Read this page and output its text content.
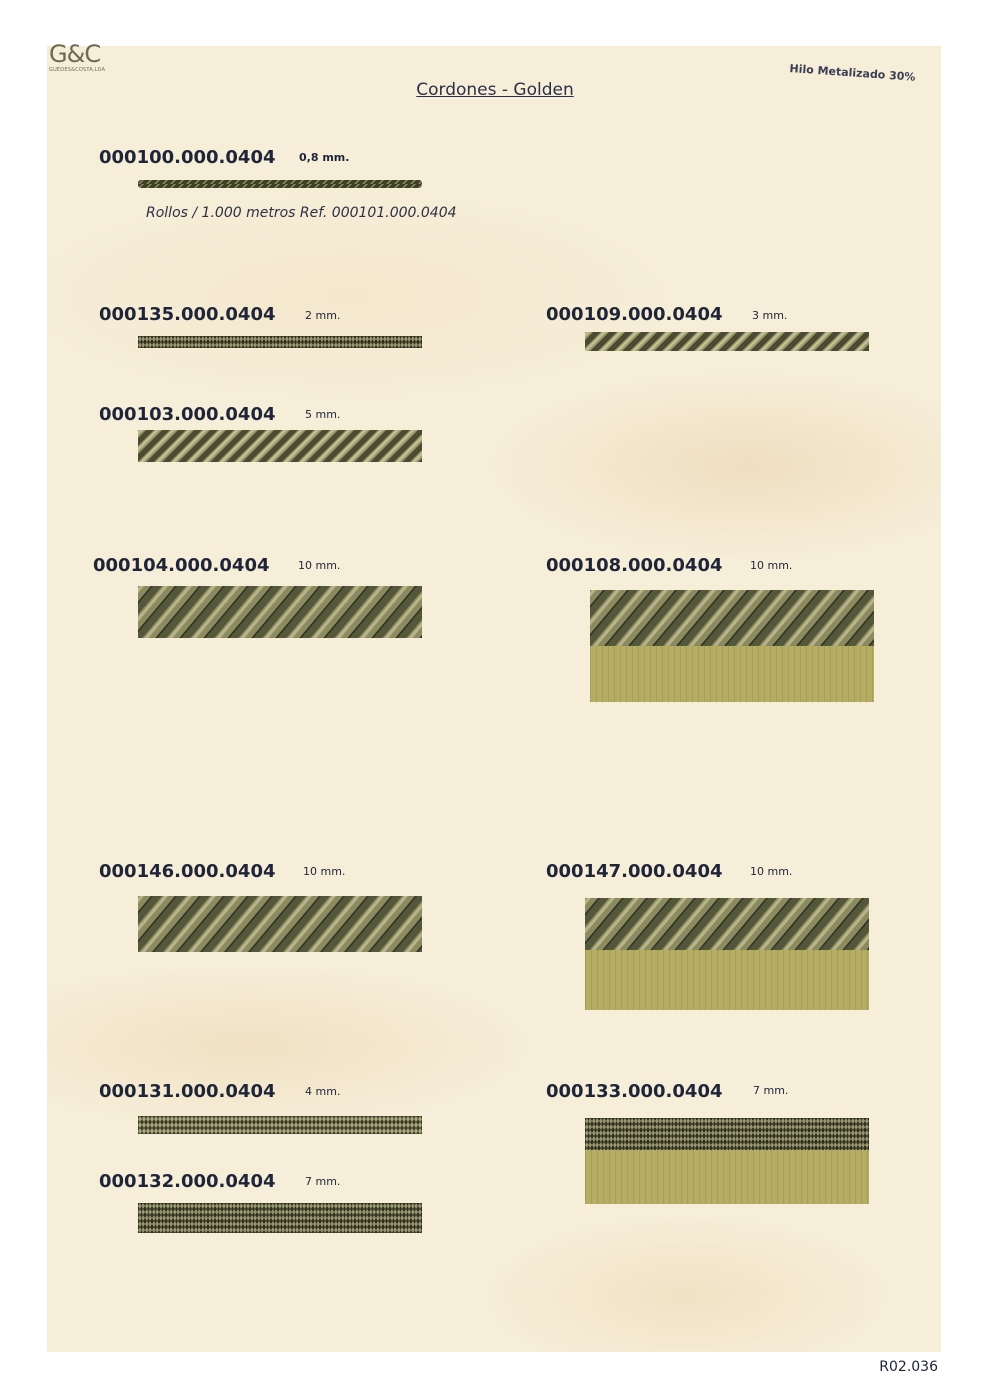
G&C
GUEDES&COSTA,LDA	Hilo Metalizado 30%
Cordones - Golden
000100.000.0404 0,8 mm.
Rollos / 1.000 metros Ref. 000101.000.0404
000135.000.0404	2 mm.	000109.000.0404	3 mm.
000103.000.0404	5 mm.
000104.000.0404	10 mm.	000108.000.0404	10 mm.
000146.000.0404	10 mm.	000147.000.0404	10 mm.
000131.000.0404	4 mm.	000133.000.0404	7 mm.
000132.000.0404	7 mm.
R02.036
